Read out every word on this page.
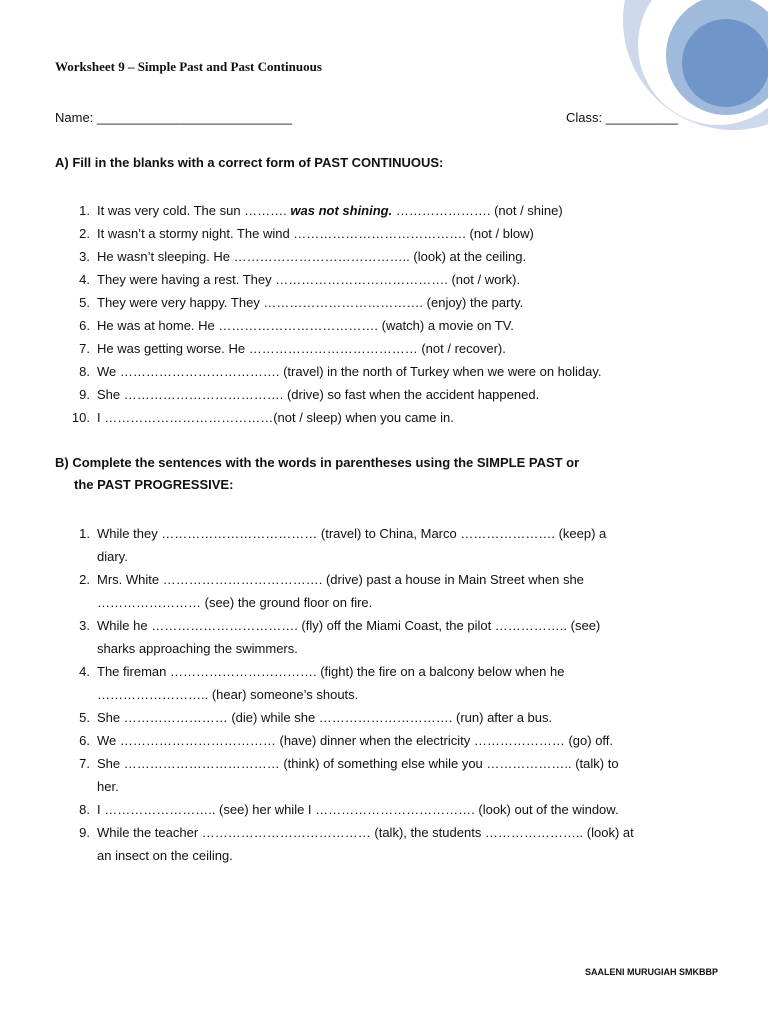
Worksheet 9 – Simple Past and Past Continuous
Name: ___________________________	Class: __________
A) Fill in the blanks with a correct form of PAST CONTINUOUS:
1. It was very cold. The sun ………. was not shining. …………………. (not / shine)
2. It wasn’t a stormy night. The wind …………………………………. (not / blow)
3. He wasn’t sleeping. He ………………………………….. (look) at the ceiling.
4. They were having a rest. They …………………………………. (not / work).
5. They were very happy. They ………………………………. (enjoy) the party.
6. He was at home. He ………………………………. (watch) a movie on TV.
7. He was getting worse. He ………………………………… (not / recover).
8. We ………………………………. (travel) in the north of Turkey when we were on holiday.
9. She ………………………………. (drive) so fast when the accident happened.
10. I …………………………………(not / sleep) when you came in.
B) Complete the sentences with the words in parentheses using the SIMPLE PAST or
the PAST PROGRESSIVE:
1. While they ……………………………… (travel) to China, Marco …………………. (keep) a
diary.
2. Mrs. White ………………………………. (drive) past a house in Main Street when she
…………………… (see) the ground floor on fire.
3. While he ……………………………. (fly) off the Miami Coast, the pilot …………….. (see)
sharks approaching the swimmers.
4. The fireman ……………………………. (fight) the fire on a balcony below when he
…………………….. (hear) someone’s shouts.
5. She …………………… (die) while she …………………………. (run) after a bus.
6. We ……………………………… (have) dinner when the electricity ………………… (go) off.
7. She ……………………………… (think) of something else while you ……………….. (talk) to
her.
8. I …………………….. (see) her while I ………………………………. (look) out of the window.
9. While the teacher ………………………………… (talk), the students ………………….. (look) at
an insect on the ceiling.
SAALENI MURUGIAH SMKBBP
